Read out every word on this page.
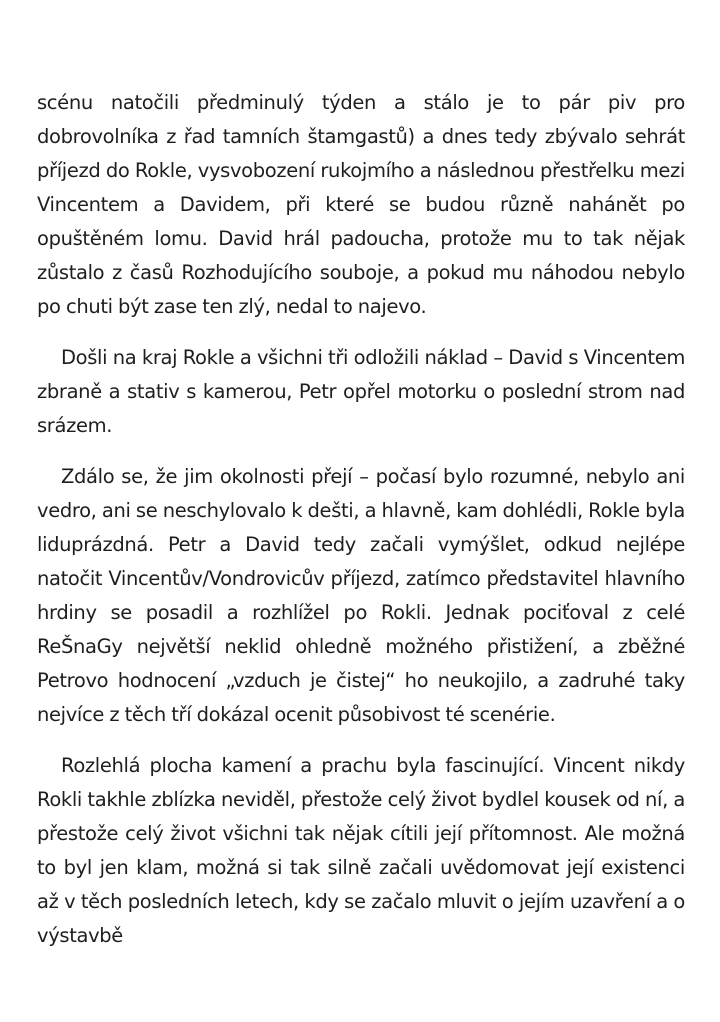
scénu natočili předminulý týden a stálo je to pár piv pro dobrovolníka z řad tamních štamgastů) a dnes tedy zbývalo sehrát příjezd do Rokle, vysvobození rukojmího a následnou přestřelku mezi Vincentem a Davidem, při které se budou různě nahánět po opuštěném lomu. David hrál padoucha, protože mu to tak nějak zůstalo z časů Rozhodujícího souboje, a pokud mu náhodou nebylo po chuti být zase ten zlý, nedal to najevo.

Došli na kraj Rokle a všichni tři odložili náklad – David s Vincentem zbraně a stativ s kamerou, Petr opřel motorku o poslední strom nad srázem.

Zdálo se, že jim okolnosti přejí – počasí bylo rozumné, nebylo ani vedro, ani se neschylovalo k dešti, a hlavně, kam dohlédli, Rokle byla liduprázdná. Petr a David tedy začali vymýšlet, odkud nejlépe natočit Vincentův/Vondrovicův příjezd, zatímco představitel hlavního hrdiny se posadil a rozhlížel po Rokli. Jednak pociťoval z celé ReŠnaGy největší neklid ohledně možného přistižení, a zběžné Petrovo hodnocení „vzduch je čistej“ ho neukojilo, a zadruhé taky nejvíce z těch tří dokázal ocenit působivost té scenérie.

Rozlehlá plocha kamení a prachu byla fascinující. Vincent nikdy Rokli takhle zblízka neviděl, přestože celý život bydlel kousek od ní, a přestože celý život všichni tak nějak cítili její přítomnost. Ale možná to byl jen klam, možná si tak silně začali uvědomovat její existenci až v těch posledních letech, kdy se začalo mluvit o jejím uzavření a o výstavbě
